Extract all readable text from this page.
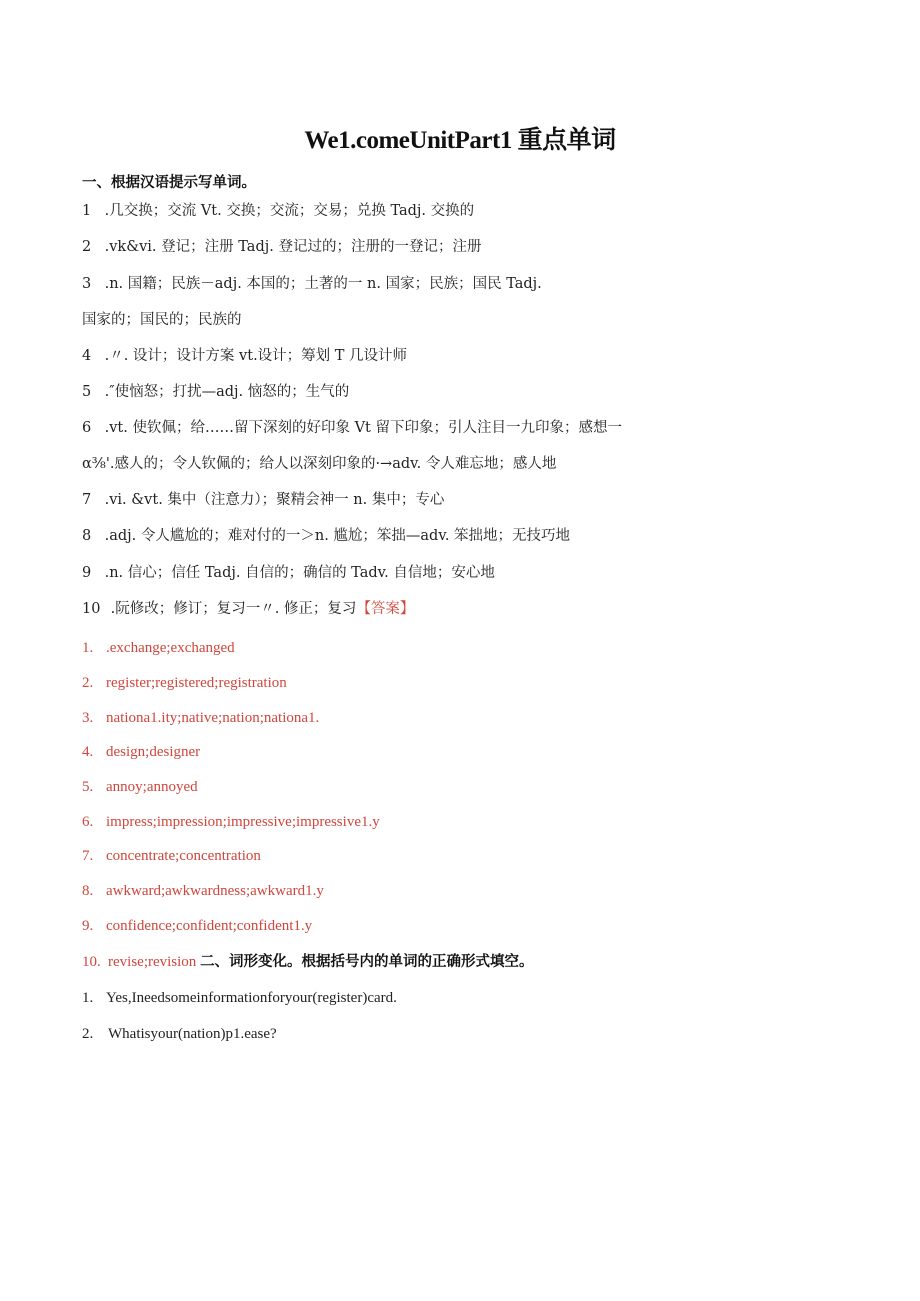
We1.comeUnitPart1 重点单词
一、根据汉语提示写单词。
1 .几交换；交流 Vt. 交换；交流；交易；兑换 Tadj. 交换的
2 .vk&vi. 登记；注册 Tadj. 登记过的；注册的一登记；注册
3 .n. 国籍；民族－adj. 本国的；土著的一 n. 国家；民族；国民 Tadj.
国家的；国民的；民族的
4 .〃. 设计；设计方案 vt.设计；筹划 T 几设计师
5 .″使恼怒；打扰—adj. 恼怒的；生气的
6 .vt. 使钦佩；给……留下深刻的好印象 Vt 留下印象；引人注目一九印象；感想一
α⅜'.感人的；令人钦佩的；给人以深刻印象的·→adv. 令人难忘地；感人地
7 .vi. &vt. 集中（注意力）；聚精会神一 n. 集中；专心
8 .adj. 令人尴尬的；难对付的一＞n. 尴尬；笨拙—adv. 笨拙地；无技巧地
9 .n. 信心；信任 Tadj. 自信的；确信的 Tadv. 自信地；安心地
10 .阮修改；修订；复习一〃. 修正；复习【答案】
1. .exchange;exchanged
2. register;registered;registration
3. nationa1.ity;native;nation;nationa1.
4. design;designer
5. annoy;annoyed
6. impress;impression;impressive;impressive1.y
7. concentrate;concentration
8. awkward;awkwardness;awkward1.y
9. confidence;confident;confident1.y
10. revise;revision 二、词形变化。根据括号内的单词的正确形式填空。
1. Yes,Ineedsomeinformationforyour(register)card.
2. Whatisyour(nation)p1.ease?
